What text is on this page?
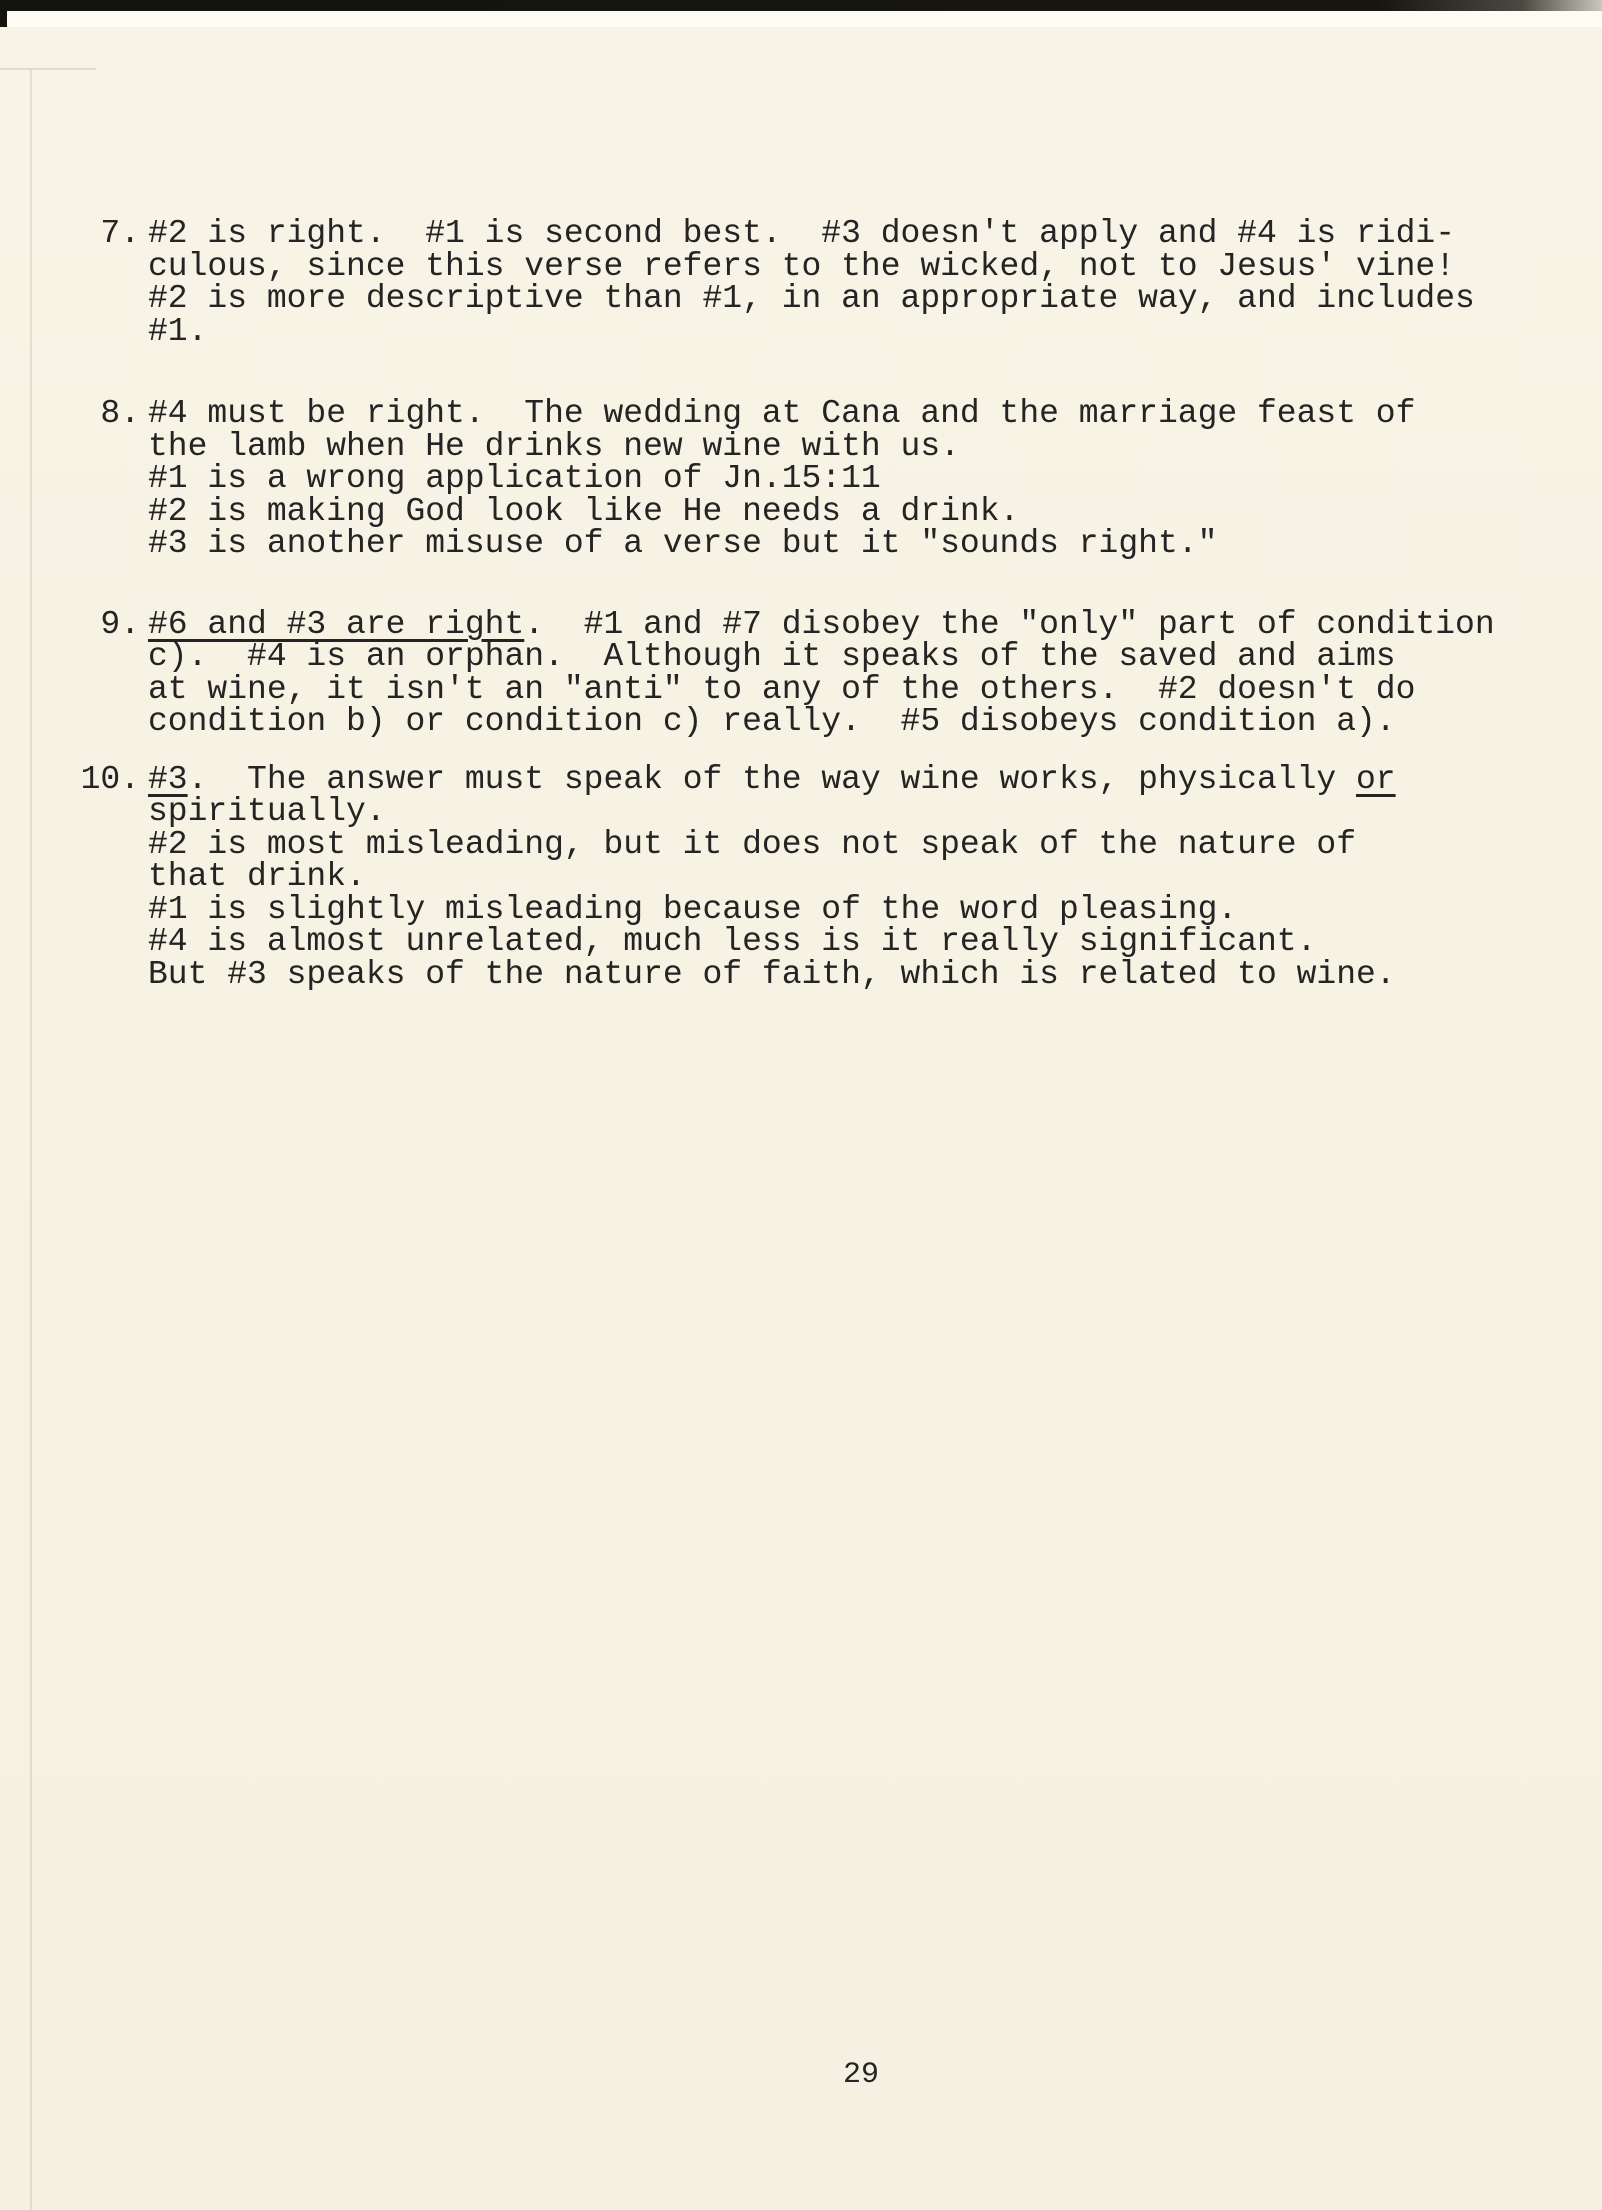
7. #2 is right.  #1 is second best.  #3 doesn't apply and #4 is ridi-
culous, since this verse refers to the wicked, not to Jesus' vine!
#2 is more descriptive than #1, in an appropriate way, and includes
#1.
8. #4 must be right.  The wedding at Cana and the marriage feast of
the lamb when He drinks new wine with us.
#1 is a wrong application of Jn.15:11
#2 is making God look like He needs a drink.
#3 is another misuse of a verse but it "sounds right."
9. #6 and #3 are right.  #1 and #7 disobey the "only" part of condition
c).  #4 is an orphan.  Although it speaks of the saved and aims
at wine, it isn't an "anti" to any of the others.  #2 doesn't do
condition b) or condition c) really.  #5 disobeys condition a).
10. #3.  The answer must speak of the way wine works, physically or
spiritually.
#2 is most misleading, but it does not speak of the nature of
that drink.
#1 is slightly misleading because of the word pleasing.
#4 is almost unrelated, much less is it really significant.
But #3 speaks of the nature of faith, which is related to wine.
29
